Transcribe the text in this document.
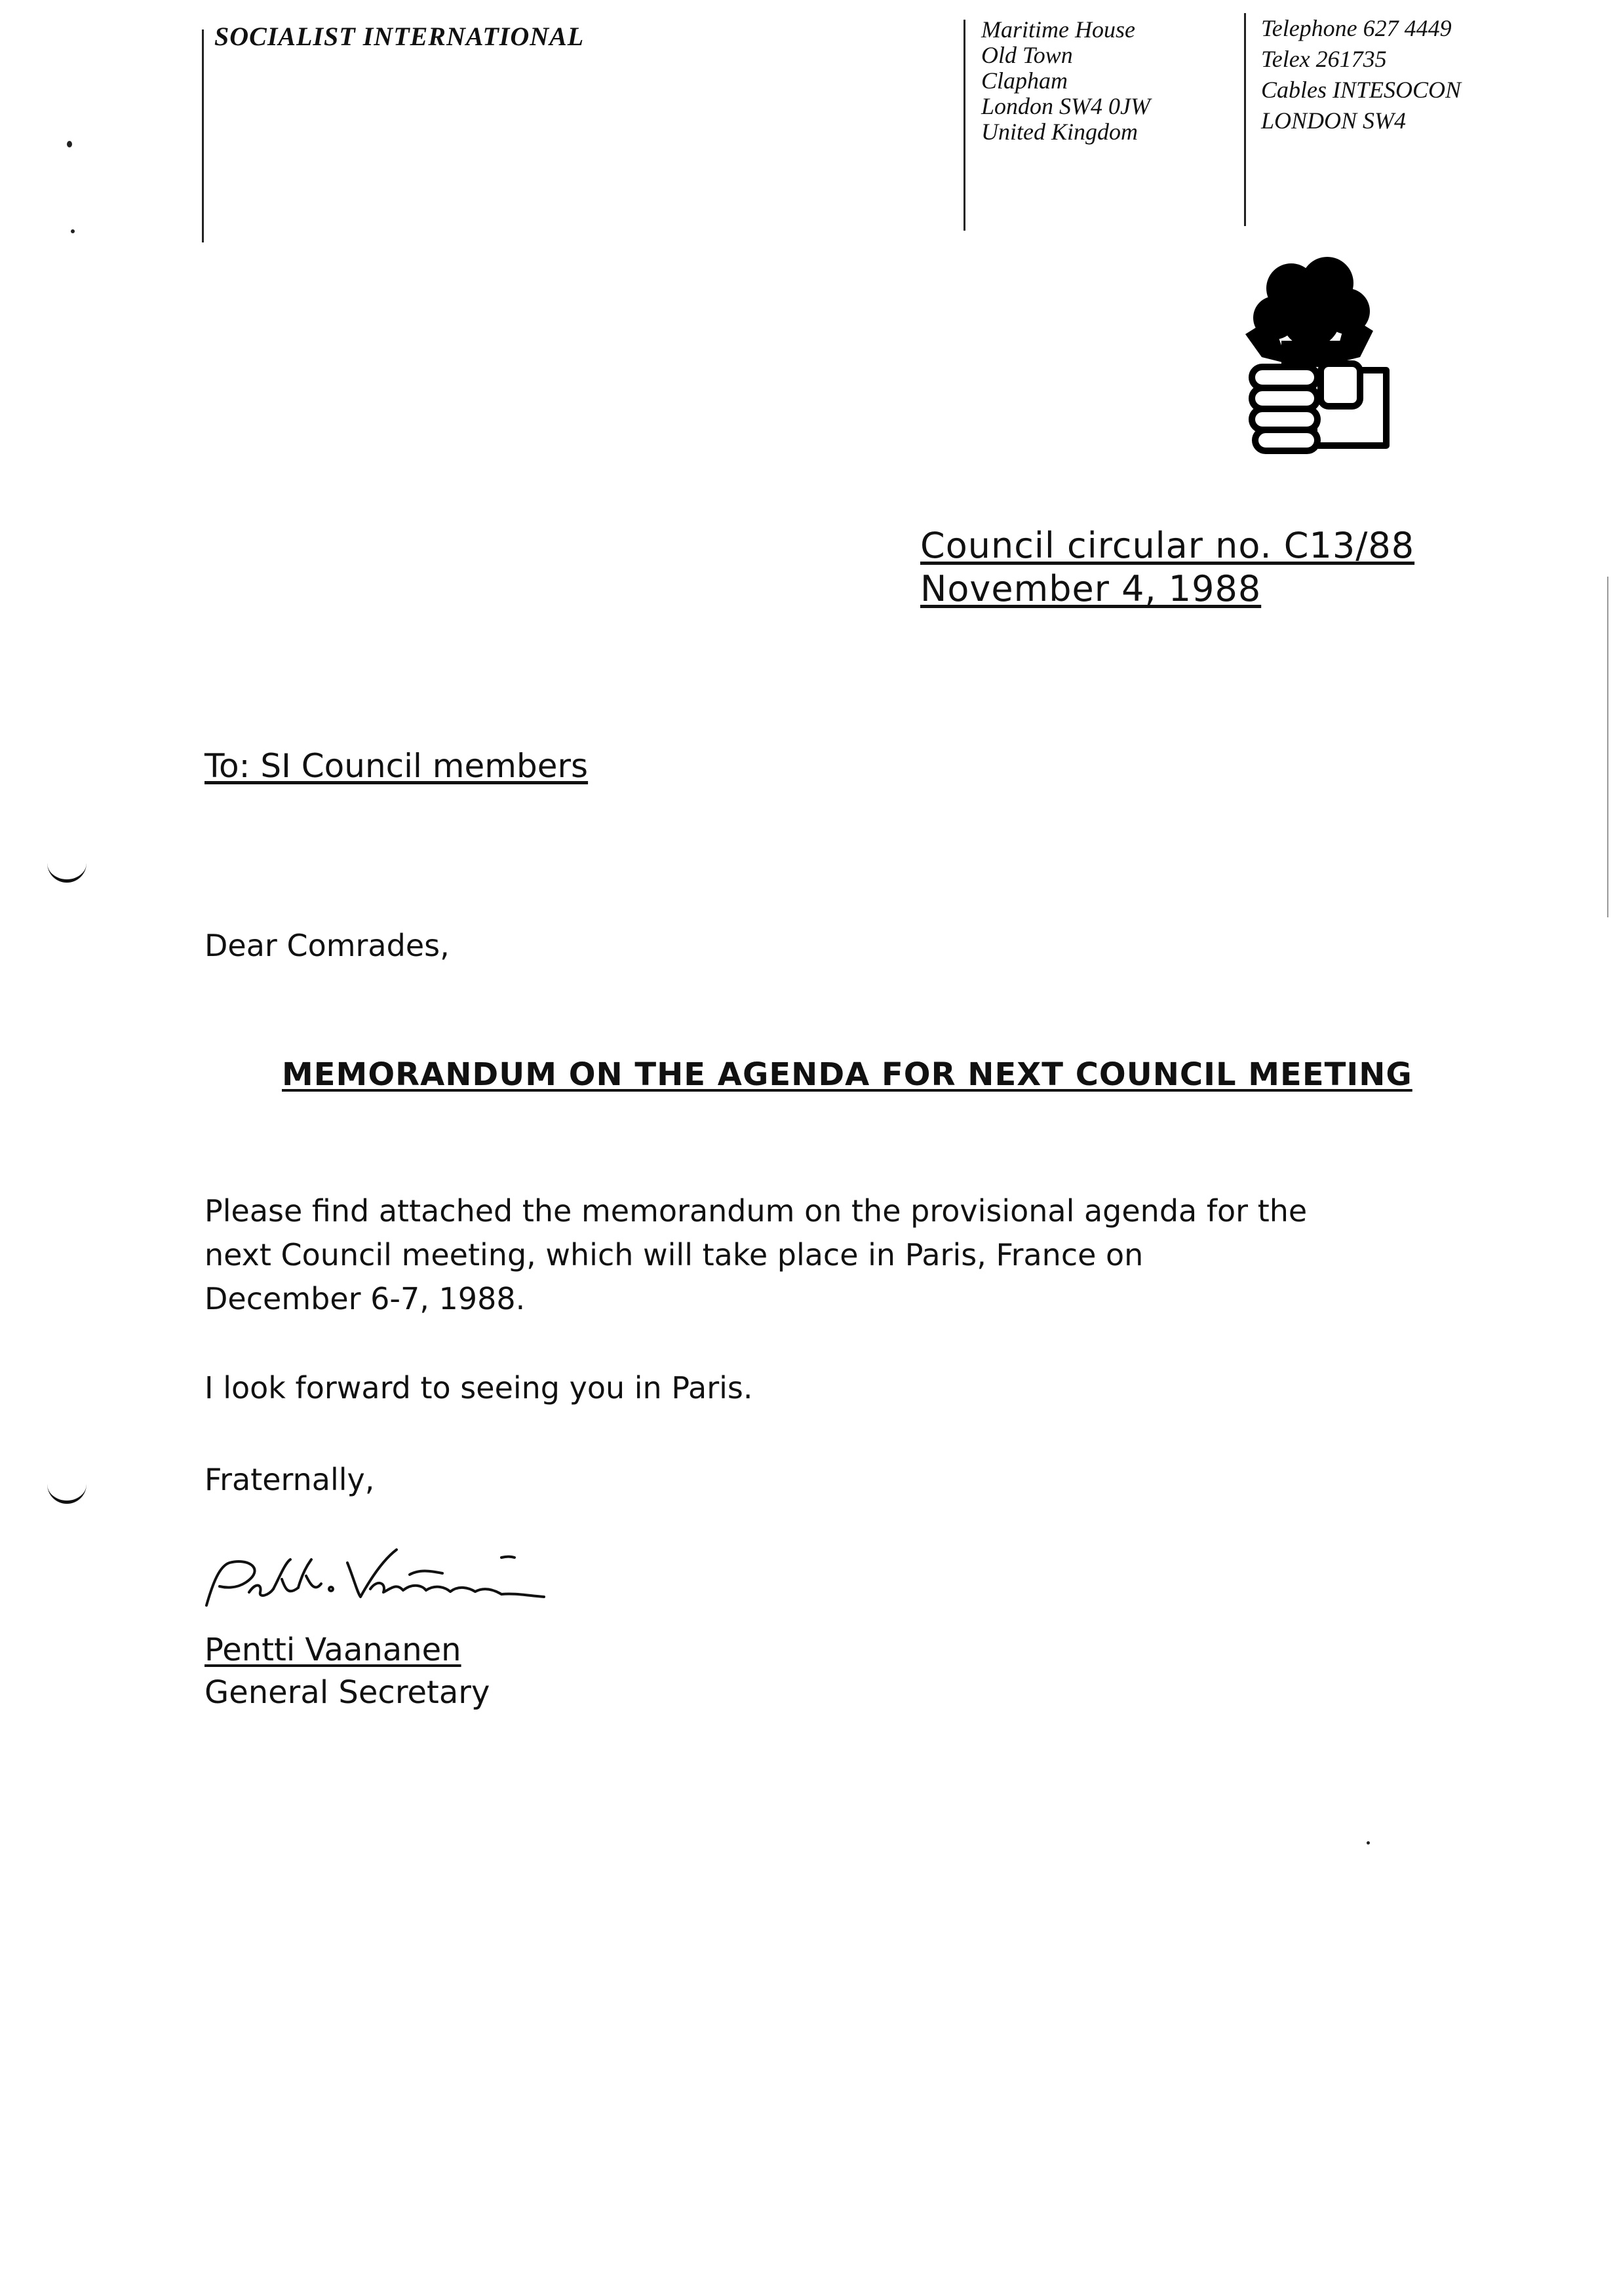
SOCIALIST INTERNATIONAL	Maritime House
Old Town
Clapham
London SW4 0JW
United Kingdom
Telephone 627 4449
Telex 261735
Cables INTESOCON
LONDON SW4
Council circular no. C13/88
November 4, 1988
To: SI Council members
Dear Comrades,
MEMORANDUM ON THE AGENDA FOR NEXT COUNCIL MEETING
Please find attached the memorandum on the provisional agenda for the
next Council meeting, which will take place in Paris, France on
December 6-7, 1988.
I look forward to seeing you in Paris.
Fraternally,
Pentti Vaananen
General Secretary
